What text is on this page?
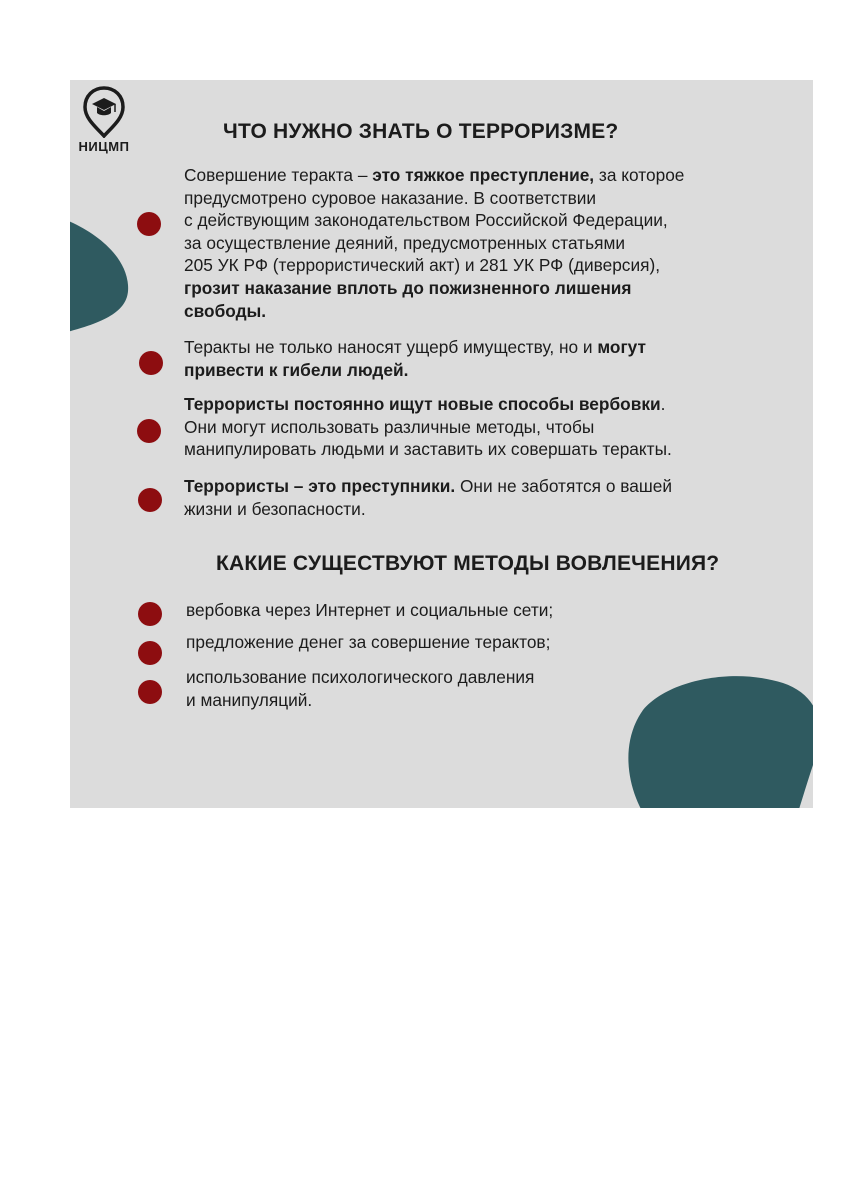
НИЦМП
ЧТО НУЖНО ЗНАТЬ О ТЕРРОРИЗМЕ?

Совершение теракта – это тяжкое преступление, за которое
предусмотрено суровое наказание. В соответствии
с действующим законодательством Российской Федерации,
за осуществление деяний, предусмотренных статьями
205 УК РФ (террористический акт) и 281 УК РФ (диверсия),
грозит наказание вплоть до пожизненного лишения
свободы.

Теракты не только наносят ущерб имуществу, но и могут
привести к гибели людей.

Террористы постоянно ищут новые способы вербовки.
Они могут использовать различные методы, чтобы
манипулировать людьми и заставить их совершать теракты.

Террористы – это преступники. Они не заботятся о вашей
жизни и безопасности.

КАКИЕ СУЩЕСТВУЮТ МЕТОДЫ ВОВЛЕЧЕНИЯ?

вербовка через Интернет и социальные сети;

предложение денег за совершение терактов;

использование психологического давления
и манипуляций.
